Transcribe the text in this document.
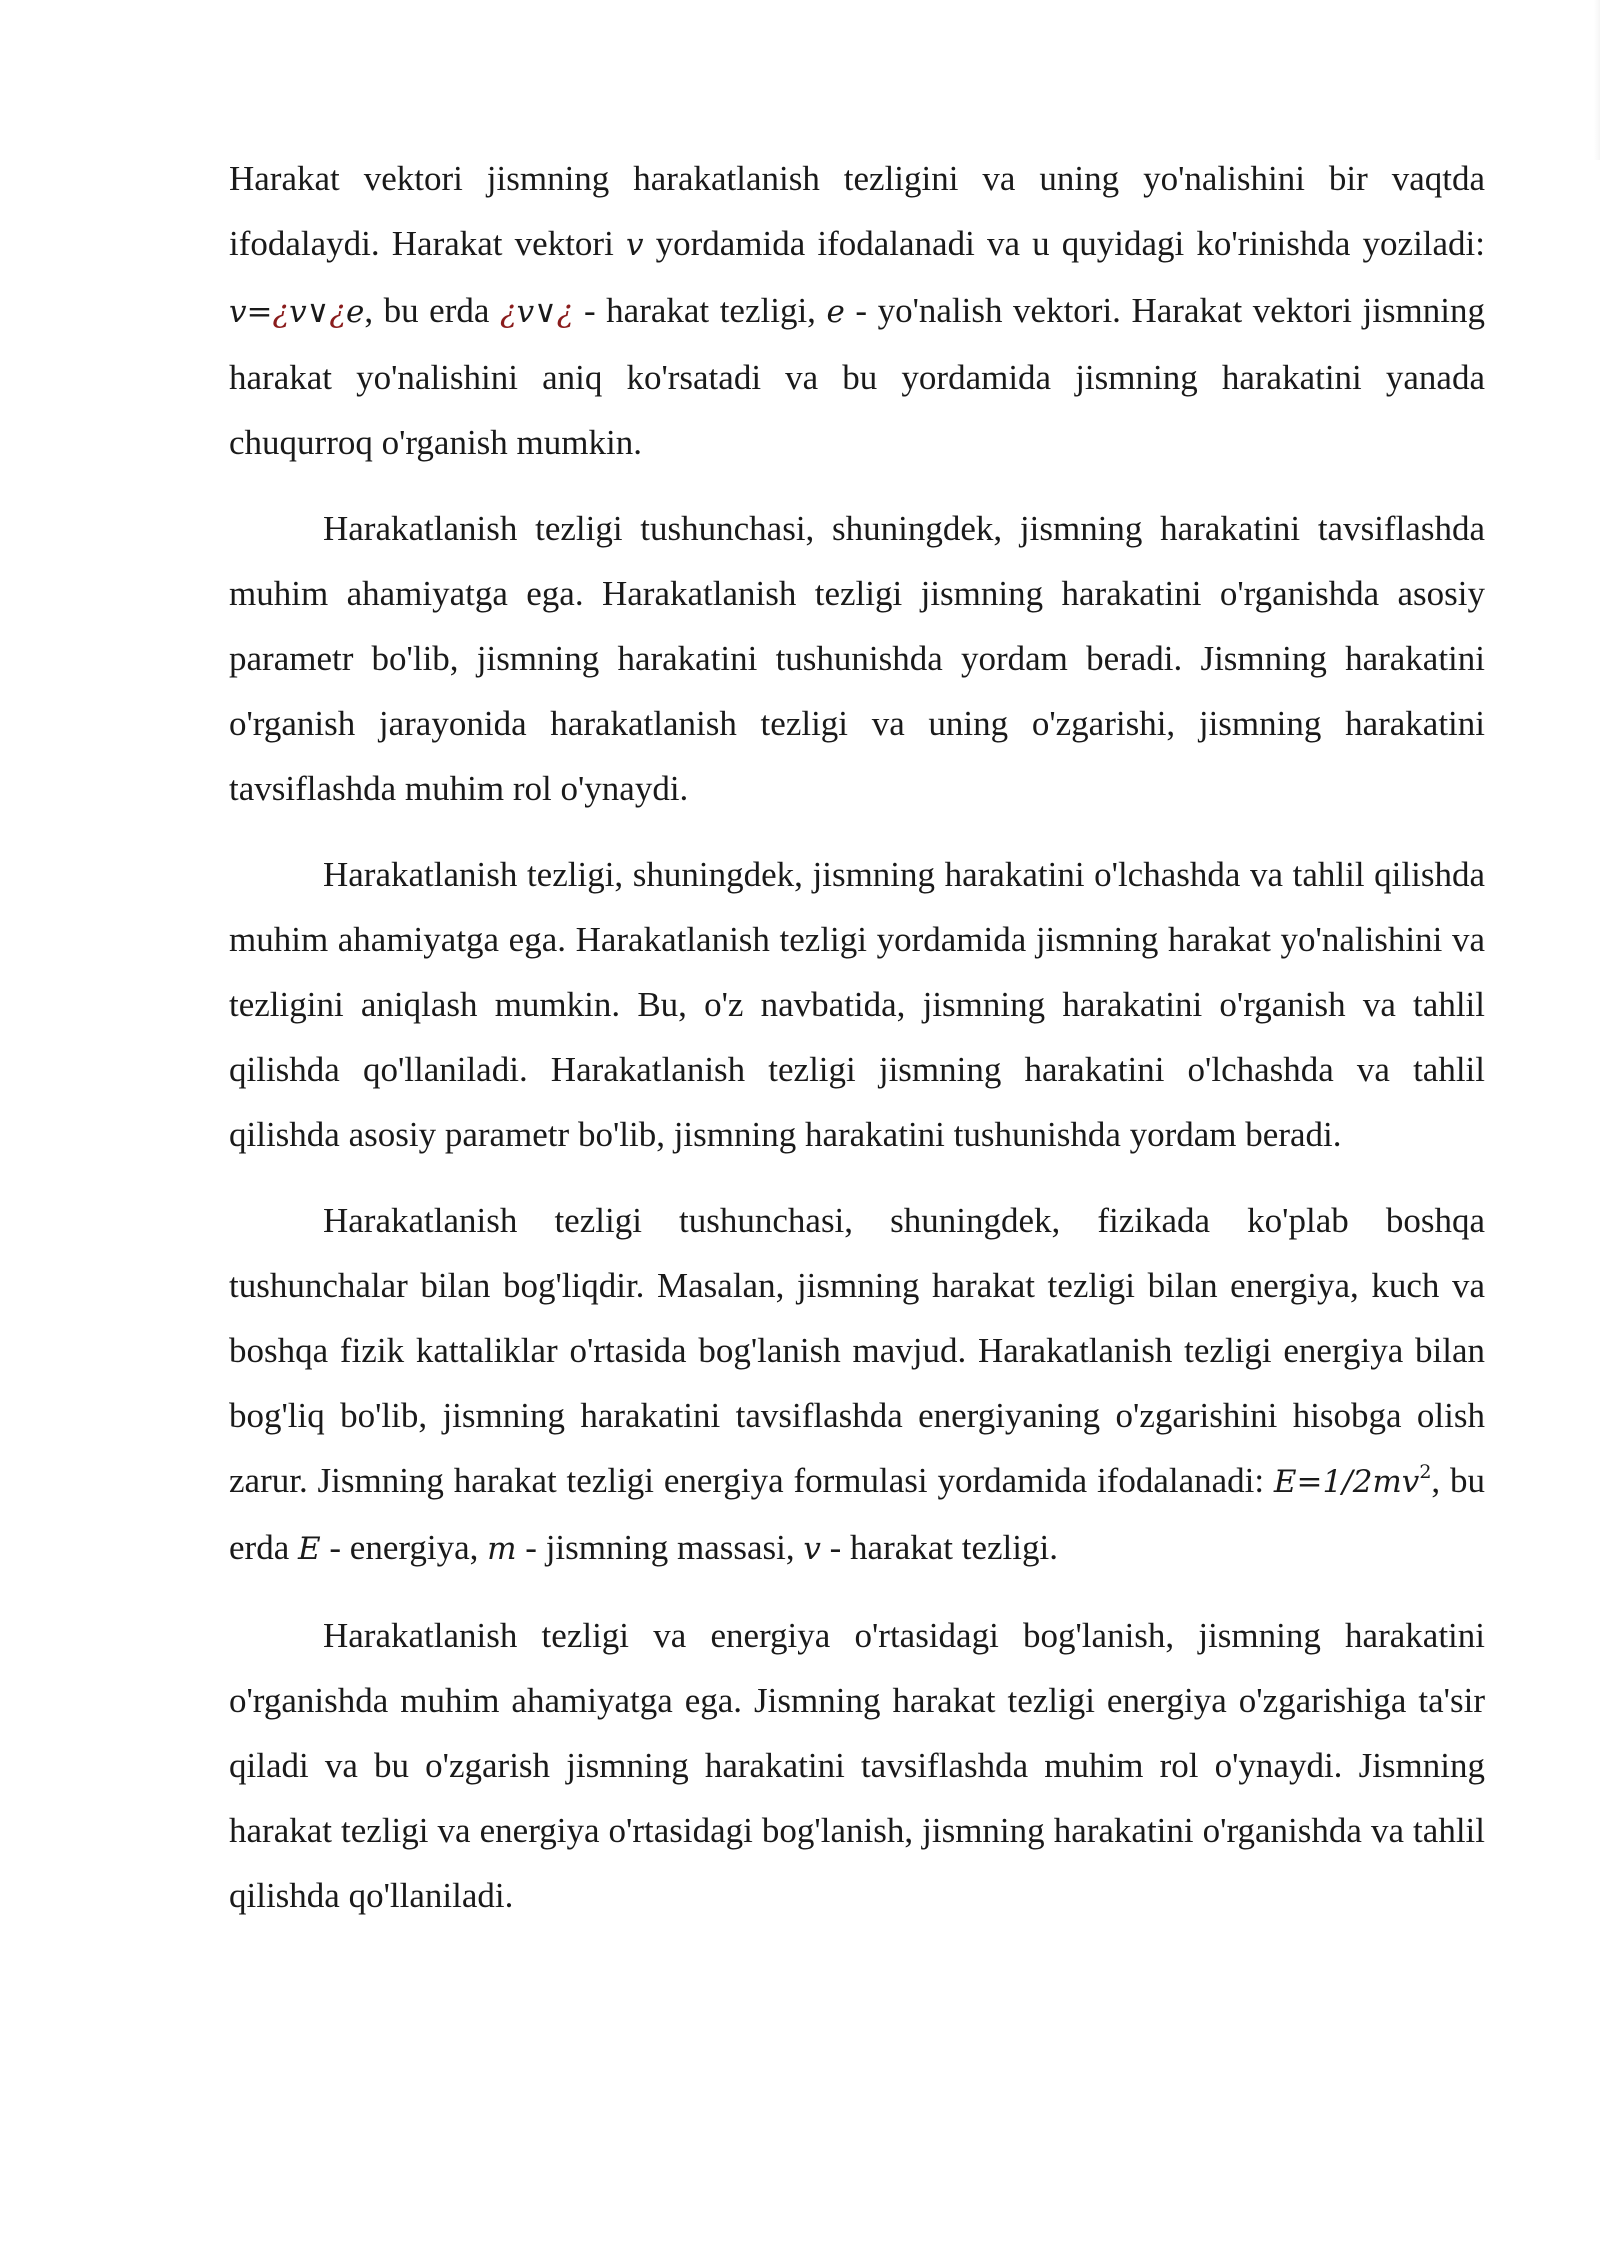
Harakat vektori jismning harakatlanish tezligini va uning yo'nalishini bir vaqtda ifodalaydi. Harakat vektori v yordamida ifodalanadi va u quyidagi ko'rinishda yoziladi: v=¿v∨¿e, bu erda ¿v∨¿ - harakat tezligi, e - yo'nalish vektori. Harakat vektori jismning harakat yo'nalishini aniq ko'rsatadi va bu yordamida jismning harakatini yanada chuqurroq o'rganish mumkin.

Harakatlanish tezligi tushunchasi, shuningdek, jismning harakatini tavsiflashda muhim ahamiyatga ega. Harakatlanish tezligi jismning harakatini o'rganishda asosiy parametr bo'lib, jismning harakatini tushunishda yordam beradi. Jismning harakatini o'rganish jarayonida harakatlanish tezligi va uning o'zgarishi, jismning harakatini tavsiflashda muhim rol o'ynaydi.

Harakatlanish tezligi, shuningdek, jismning harakatini o'lchashda va tahlil qilishda muhim ahamiyatga ega. Harakatlanish tezligi yordamida jismning harakat yo'nalishini va tezligini aniqlash mumkin. Bu, o'z navbatida, jismning harakatini o'rganish va tahlil qilishda qo'llaniladi. Harakatlanish tezligi jismning harakatini o'lchashda va tahlil qilishda asosiy parametr bo'lib, jismning harakatini tushunishda yordam beradi.

Harakatlanish tezligi tushunchasi, shuningdek, fizikada ko'plab boshqa tushunchalar bilan bog'liqdir. Masalan, jismning harakat tezligi bilan energiya, kuch va boshqa fizik kattaliklar o'rtasida bog'lanish mavjud. Harakatlanish tezligi energiya bilan bog'liq bo'lib, jismning harakatini tavsiflashda energiyaning o'zgarishini hisobga olish zarur. Jismning harakat tezligi energiya formulasi yordamida ifodalanadi: $E=1/2mv^2$, bu erda E - energiya, m - jismning massasi, v - harakat tezligi.

Harakatlanish tezligi va energiya o'rtasidagi bog'lanish, jismning harakatini o'rganishda muhim ahamiyatga ega. Jismning harakat tezligi energiya o'zgarishiga ta'sir qiladi va bu o'zgarish jismning harakatini tavsiflashda muhim rol o'ynaydi. Jismning harakat tezligi va energiya o'rtasidagi bog'lanish, jismning harakatini o'rganishda va tahlil qilishda qo'llaniladi.
